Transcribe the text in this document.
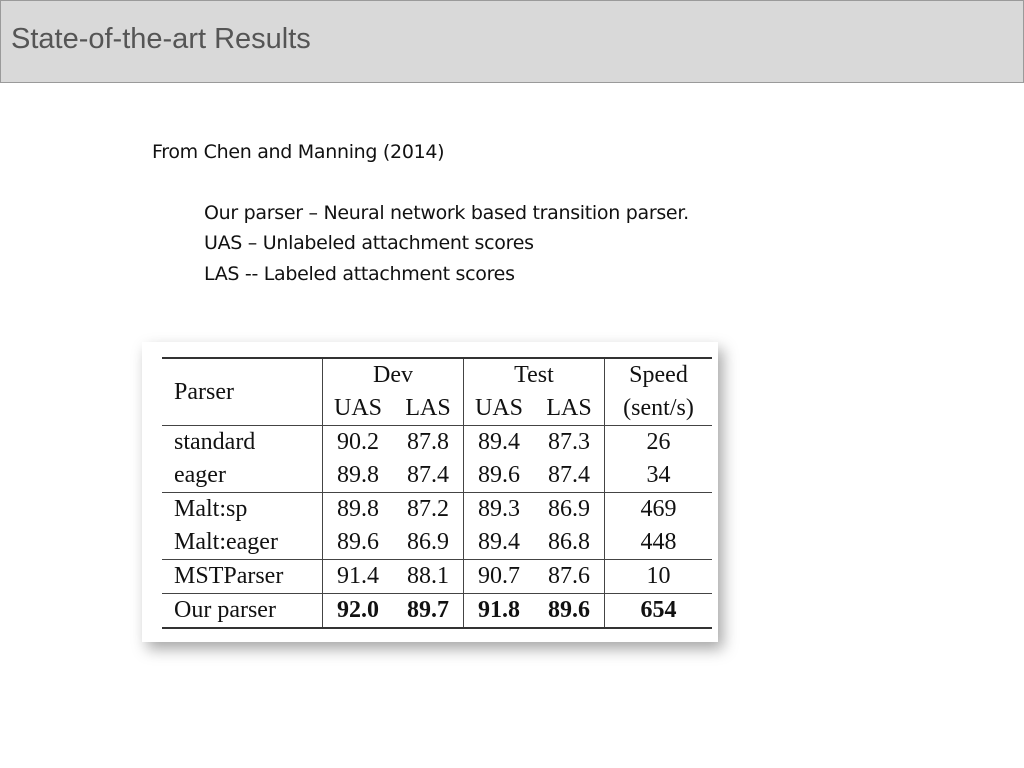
State-of-the-art Results
From Chen and Manning (2014)
Our parser – Neural network based transition parser.
UAS – Unlabeled attachment scores
LAS -- Labeled attachment scores
Parser	Dev		Test		Speed
	UAS	LAS	UAS	LAS	(sent/s)
standard	90.2	87.8	89.4	87.3	26
eager	89.8	87.4	89.6	87.4	34
Malt:sp	89.8	87.2	89.3	86.9	469
Malt:eager	89.6	86.9	89.4	86.8	448
MSTParser	91.4	88.1	90.7	87.6	10
Our parser	92.0	89.7	91.8	89.6	654
